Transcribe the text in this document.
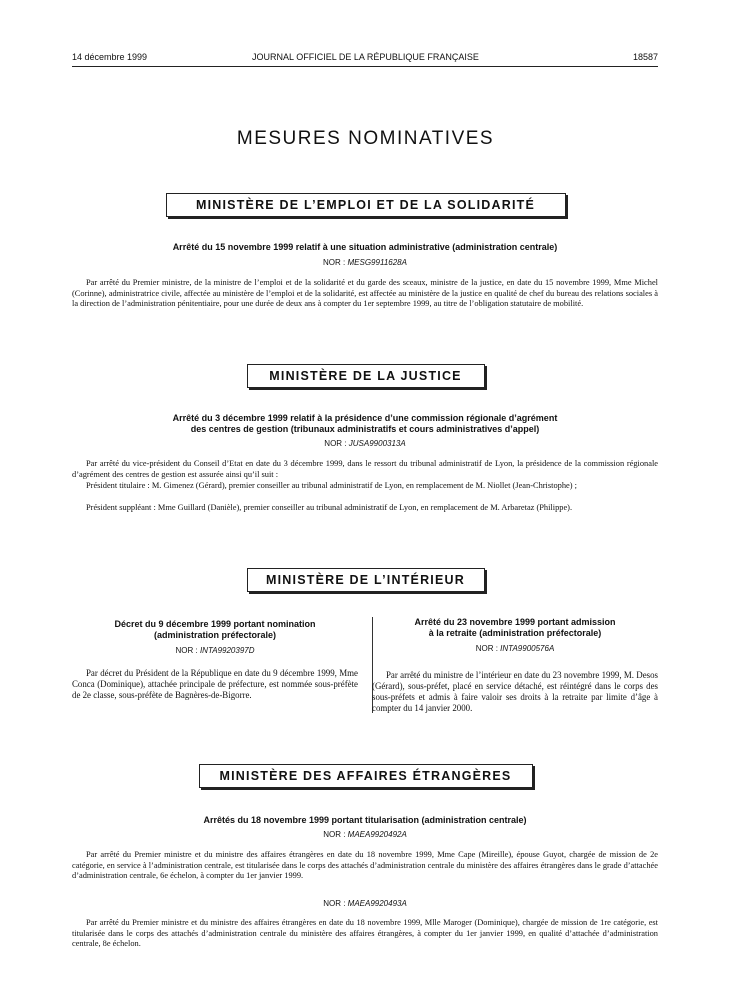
14 décembre 1999	JOURNAL OFFICIEL DE LA RÉPUBLIQUE FRANÇAISE	18587
MESURES NOMINATIVES
MINISTÈRE DE L’EMPLOI ET DE LA SOLIDARITÉ
Arrêté du 15 novembre 1999 relatif à une situation administrative (administration centrale)
NOR : MESG9911628A
Par arrêté du Premier ministre, de la ministre de l’emploi et de la solidarité et du garde des sceaux, ministre de la justice, en date du 15 novembre 1999, Mme Michel (Corinne), administratrice civile, affectée au ministère de l’emploi et de la solidarité, est affectée au ministère de la justice en qualité de chef du bureau des relations sociales à la direction de l’administration pénitentiaire, pour une durée de deux ans à compter du 1er septembre 1999, au titre de l’obligation statutaire de mobilité.
MINISTÈRE DE LA JUSTICE
Arrêté du 3 décembre 1999 relatif à la présidence d’une commission régionale d’agrément
des centres de gestion (tribunaux administratifs et cours administratives d’appel)
NOR : JUSA9900313A
Par arrêté du vice-président du Conseil d’Etat en date du 3 décembre 1999, dans le ressort du tribunal administratif de Lyon, la présidence de la commission régionale d’agrément des centres de gestion est assurée ainsi qu’il suit :
Président titulaire : M. Gimenez (Gérard), premier conseiller au tribunal administratif de Lyon, en remplacement de M. Niollet (Jean-Christophe) ;
Président suppléant : Mme Guillard (Danièle), premier conseiller au tribunal administratif de Lyon, en remplacement de M. Arbaretaz (Philippe).
MINISTÈRE DE L’INTÉRIEUR
Décret du 9 décembre 1999 portant nomination
(administration préfectorale)
NOR : INTA9920397D
Par décret du Président de la République en date du 9 décembre 1999, Mme Conca (Dominique), attachée principale de préfecture, est nommée sous-préfète de 2e classe, sous-préfète de Bagnères-de-Bigorre.
Arrêté du 23 novembre 1999 portant admission
à la retraite (administration préfectorale)
NOR : INTA9900576A
Par arrêté du ministre de l’intérieur en date du 23 novembre 1999, M. Desos (Gérard), sous-préfet, placé en service détaché, est réintégré dans le corps des sous-préfets et admis à faire valoir ses droits à la retraite par limite d’âge à compter du 14 janvier 2000.
MINISTÈRE DES AFFAIRES ÉTRANGÈRES
Arrêtés du 18 novembre 1999 portant titularisation (administration centrale)
NOR : MAEA9920492A
Par arrêté du Premier ministre et du ministre des affaires étrangères en date du 18 novembre 1999, Mme Cape (Mireille), épouse Guyot, chargée de mission de 2e catégorie, en service à l’administration centrale, est titularisée dans le corps des attachés d’administration centrale du ministère des affaires étrangères dans le grade d’attachée d’administration centrale, 6e échelon, à compter du 1er janvier 1999.
NOR : MAEA9920493A
Par arrêté du Premier ministre et du ministre des affaires étrangères en date du 18 novembre 1999, Mlle Maroger (Dominique), chargée de mission de 1re catégorie, est titularisée dans le corps des attachés d’administration centrale du ministère des affaires étrangères, à compter du 1er janvier 1999, en qualité d’attachée d’administration centrale, 8e échelon.
